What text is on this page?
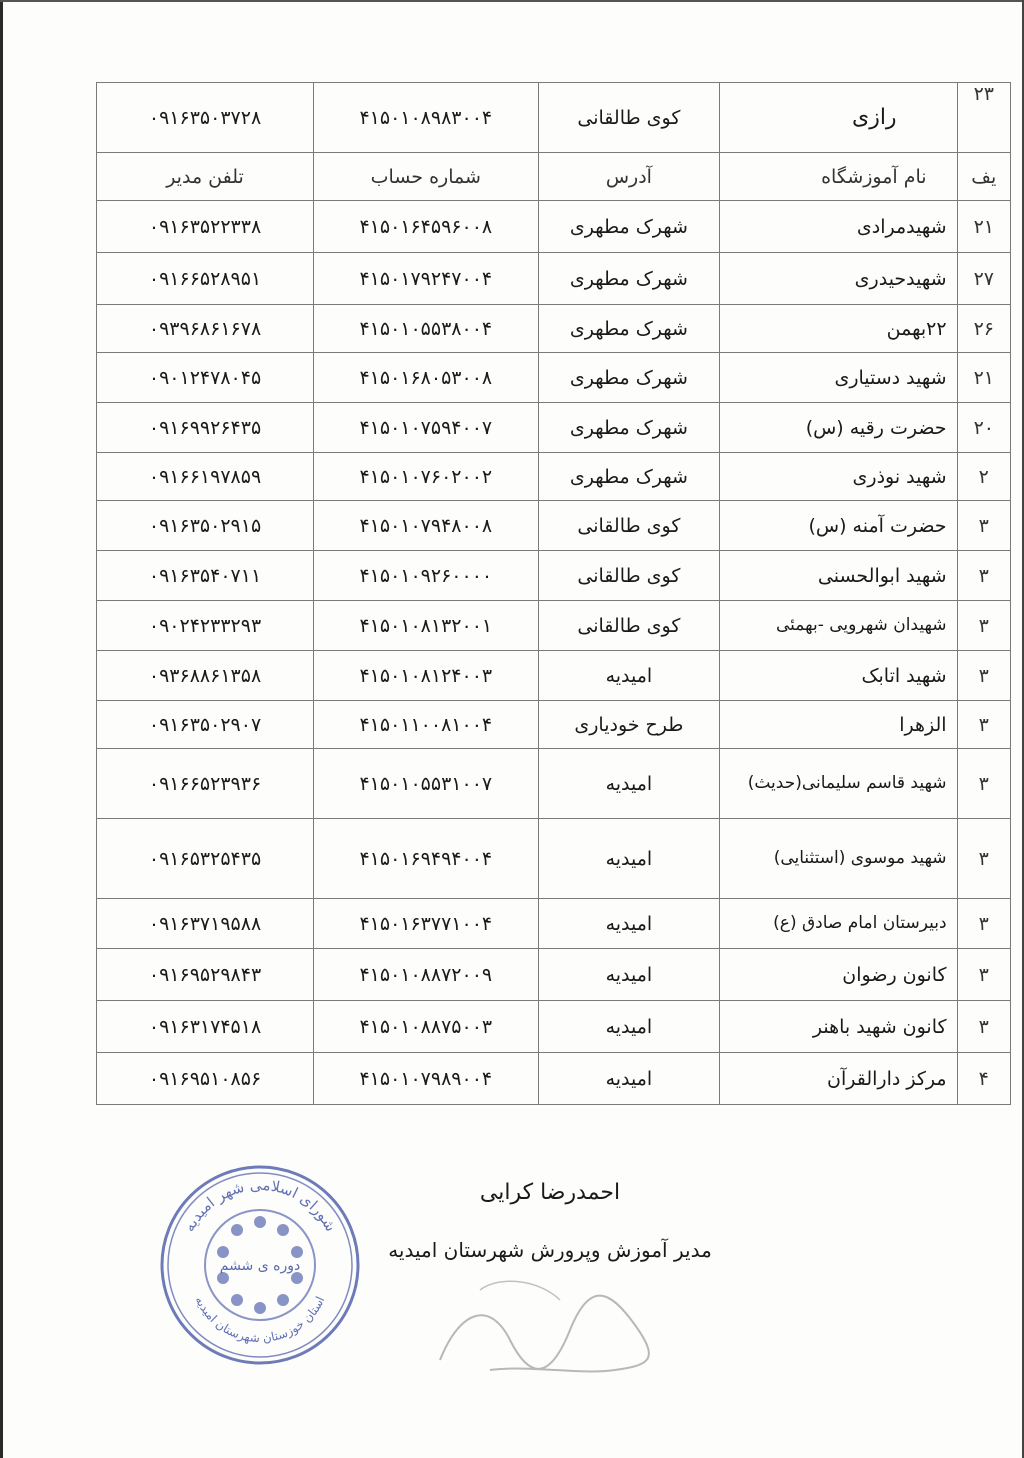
۲۳	رازی	کوی طالقانی	۴۱۵۰۱۰۸۹۸۳۰۰۴	۰۹۱۶۳۵۰۳۷۲۸
یف	نام آموزشگاه	آدرس	شماره حساب	تلفن مدیر
۲۱	شهیدمرادی	شهرک مطهری	۴۱۵۰۱۶۴۵۹۶۰۰۸	۰۹۱۶۳۵۲۲۳۳۸
۲۷	شهیدحیدری	شهرک مطهری	۴۱۵۰۱۷۹۲۴۷۰۰۴	۰۹۱۶۶۵۲۸۹۵۱
۲۶	۲۲بهمن	شهرک مطهری	۴۱۵۰۱۰۵۵۳۸۰۰۴	۰۹۳۹۶۸۶۱۶۷۸
۲۱	شهید دستیاری	شهرک مطهری	۴۱۵۰۱۶۸۰۵۳۰۰۸	۰۹۰۱۲۴۷۸۰۴۵
۲۰	حضرت رقیه (س)	شهرک مطهری	۴۱۵۰۱۰۷۵۹۴۰۰۷	۰۹۱۶۹۹۲۶۴۳۵
۲	شهید نوذری	شهرک مطهری	۴۱۵۰۱۰۷۶۰۲۰۰۲	۰۹۱۶۶۱۹۷۸۵۹
۳	حضرت آمنه (س)	کوی طالقانی	۴۱۵۰۱۰۷۹۴۸۰۰۸	۰۹۱۶۳۵۰۲۹۱۵
۳	شهید ابوالحسنی	کوی طالقانی	۴۱۵۰۱۰۹۲۶۰۰۰۰	۰۹۱۶۳۵۴۰۷۱۱
۳	شهیدان شهرویی -بهمئی	کوی طالقانی	۴۱۵۰۱۰۸۱۳۲۰۰۱	۰۹۰۲۴۲۳۳۲۹۳
۳	شهید اتابک	امیدیه	۴۱۵۰۱۰۸۱۲۴۰۰۳	۰۹۳۶۸۸۶۱۳۵۸
۳	الزهرا	طرح خودیاری	۴۱۵۰۱۱۰۰۸۱۰۰۴	۰۹۱۶۳۵۰۲۹۰۷
۳	شهید قاسم سلیمانی(حدیث)	امیدیه	۴۱۵۰۱۰۵۵۳۱۰۰۷	۰۹۱۶۶۵۲۳۹۳۶
۳	شهید موسوی (استثنایی)	امیدیه	۴۱۵۰۱۶۹۴۹۴۰۰۴	۰۹۱۶۵۳۲۵۴۳۵
۳	دبیرستان امام صادق (ع)	امیدیه	۴۱۵۰۱۶۳۷۷۱۰۰۴	۰۹۱۶۳۷۱۹۵۸۸
۳	کانون رضوان	امیدیه	۴۱۵۰۱۰۸۸۷۲۰۰۹	۰۹۱۶۹۵۲۹۸۴۳
۳	کانون شهید باهنر	امیدیه	۴۱۵۰۱۰۸۸۷۵۰۰۳	۰۹۱۶۳۱۷۴۵۱۸
۴	مرکز دارالقرآن	امیدیه	۴۱۵۰۱۰۷۹۸۹۰۰۴	۰۹۱۶۹۵۱۰۸۵۶
احمدرضا کرایی
مدیر آموزش وپرورش شهرستان امیدیه
شورای اسلامی شهر امیدیه
استان خوزستان شهرستان امیدیه
دوره ی ششم
